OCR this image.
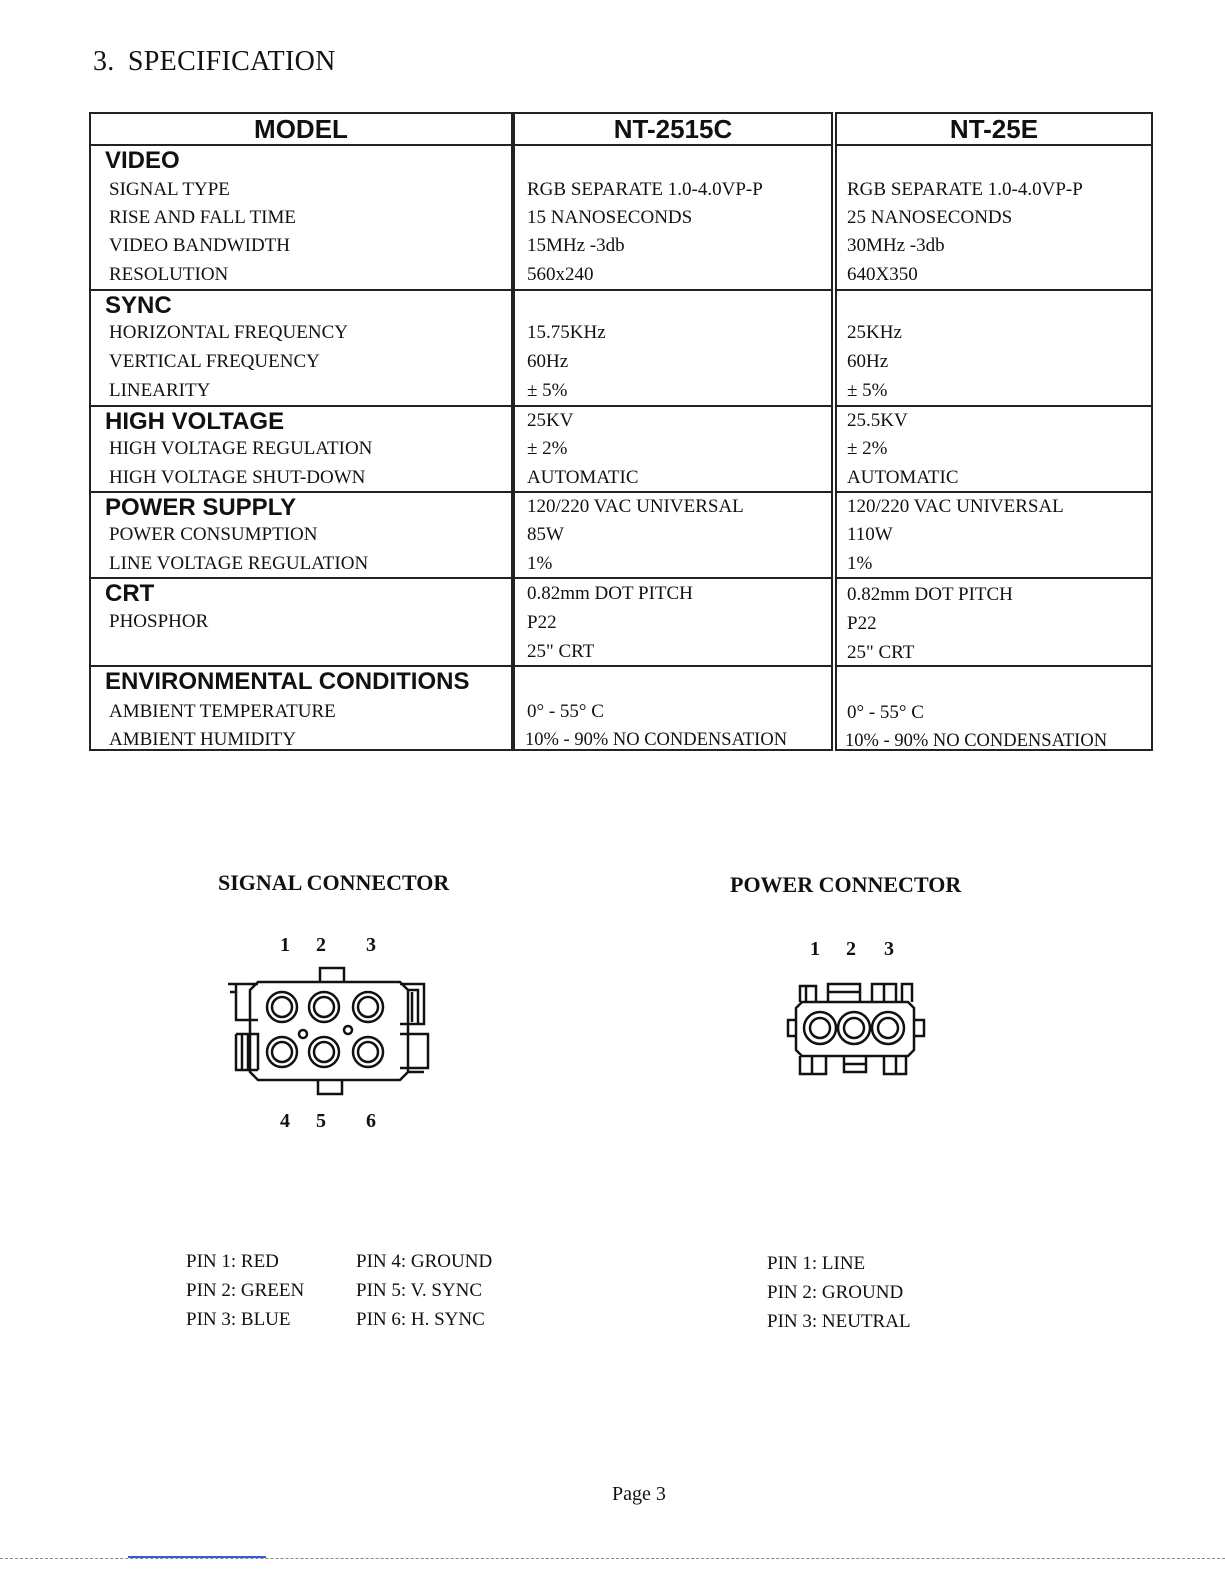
3. SPECIFICATION
MODEL	NT-2515C	NT-25E
VIDEO
SIGNAL TYPE
RISE AND FALL TIME
VIDEO BANDWIDTH
RESOLUTION
RGB SEPARATE 1.0-4.0VP-P
15 NANOSECONDS
15MHz -3db
560x240
RGB SEPARATE 1.0-4.0VP-P
25 NANOSECONDS
30MHz -3db
640X350
SYNC
HORIZONTAL FREQUENCY
VERTICAL FREQUENCY
LINEARITY
15.75KHz
60Hz
± 5%
25KHz
60Hz
± 5%
HIGH VOLTAGE
HIGH VOLTAGE REGULATION
HIGH VOLTAGE SHUT-DOWN
25KV
± 2%
AUTOMATIC
25.5KV
± 2%
AUTOMATIC
POWER SUPPLY
POWER CONSUMPTION
LINE VOLTAGE REGULATION
120/220 VAC UNIVERSAL
85W
1%
120/220 VAC UNIVERSAL
110W
1%
CRT
PHOSPHOR
0.82mm DOT PITCH
P22
25" CRT
0.82mm DOT PITCH
P22
25" CRT
ENVIRONMENTAL CONDITIONS
AMBIENT TEMPERATURE
AMBIENT HUMIDITY
0° - 55° C
10% - 90% NO CONDENSATION
0° - 55° C
10% - 90% NO CONDENSATION
SIGNAL CONNECTOR
1 2 3
4 5 6
PIN 1: RED
PIN 2: GREEN
PIN 3: BLUE
PIN 4: GROUND
PIN 5: V. SYNC
PIN 6: H. SYNC
POWER CONNECTOR
1 2 3
PIN 1: LINE
PIN 2: GROUND
PIN 3: NEUTRAL
Page 3
